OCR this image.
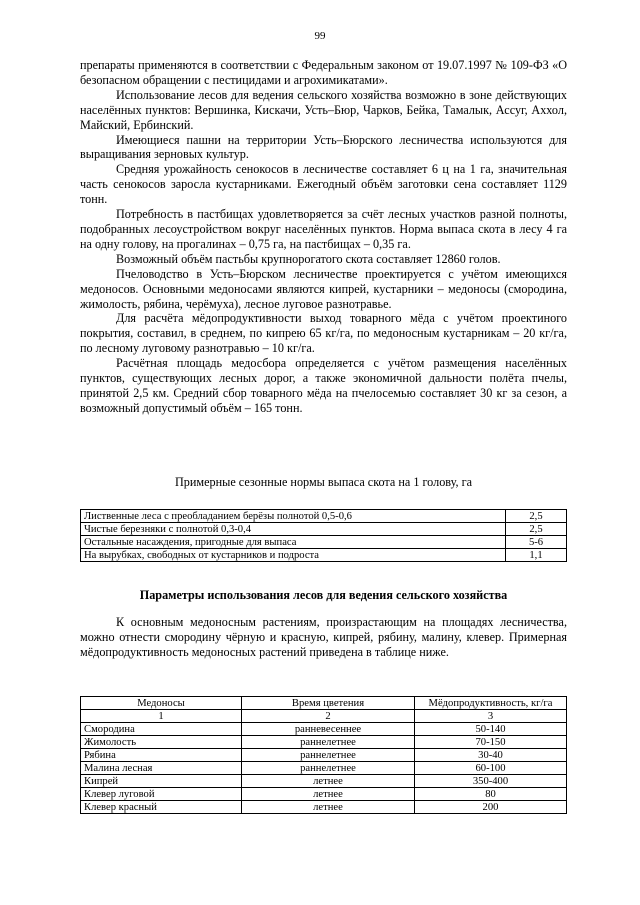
99

препараты применяются в соответствии с Федеральным законом от 19.07.1997 № 109-ФЗ «О безопасном обращении с пестицидами и агрохимикатами».

Использование лесов для ведения сельского хозяйства возможно в зоне действующих населённых пунктов: Вершинка, Кискачи, Усть–Бюр, Чарков, Бейка, Тамалык, Ассуг, Аххол, Майский, Ербинский.

Имеющиеся пашни на территории Усть–Бюрского лесничества используются для выращивания зерновых культур.

Средняя урожайность сенокосов в лесничестве составляет 6 ц на 1 га, значительная часть сенокосов заросла кустарниками. Ежегодный объём заготовки сена составляет 1129 тонн.

Потребность в пастбищах удовлетворяется за счёт лесных участков разной полноты, подобранных лесоустройством вокруг населённых пунктов. Норма выпаса скота в лесу 4 га на одну голову, на прогалинах – 0,75 га, на пастбищах – 0,35 га.

Возможный объём пастьбы крупнорогатого скота составляет 12860 голов.

Пчеловодство в Усть–Бюрском лесничестве проектируется с учётом имеющихся медоносов. Основными медоносами являются кипрей, кустарники – медоносы (смородина, жимолость, рябина, черёмуха), лесное луговое разнотравье.

Для расчёта мёдопродуктивности выход товарного мёда с учётом проектиного покрытия, составил, в среднем, по кипрею 65 кг/га, по медоносным кустарникам – 20 кг/га, по лесному луговому разнотравью – 10 кг/га.

Расчётная площадь медосбора определяется с учётом размещения населённых пунктов, существующих лесных дорог, а также экономичной дальности полёта пчелы, принятой 2,5 км. Средний сбор товарного мёда на пчелосемью составляет 30 кг за сезон, а возможный допустимый объём – 165 тонн.

Примерные сезонные нормы выпаса скота на 1 голову, га
Лиственные леса с преобладанием берёзы полнотой 0,5-0,6	2,5
Чистые березняки с полнотой 0,3-0,4	2,5
Остальные насаждения, пригодные для выпаса	5-6
На вырубках, свободных от кустарников и подроста	1,1
Параметры использования лесов для ведения сельского хозяйства

К основным медоносным растениям, произрастающим на площадях лесничества, можно отнести смородину чёрную и красную, кипрей, рябину, малину, клевер. Примерная мёдопродуктивность медоносных растений приведена в таблице ниже.

Медоносы	Время цветения	Мёдопродуктивность, кг/га
1	2	3
Смородина	ранневесеннее	50-140
Жимолость	раннелетнее	70-150
Рябина	раннелетнее	30-40
Малина лесная	раннелетнее	60-100
Кипрей	летнее	350-400
Клевер луговой	летнее	80
Клевер красный	летнее	200
